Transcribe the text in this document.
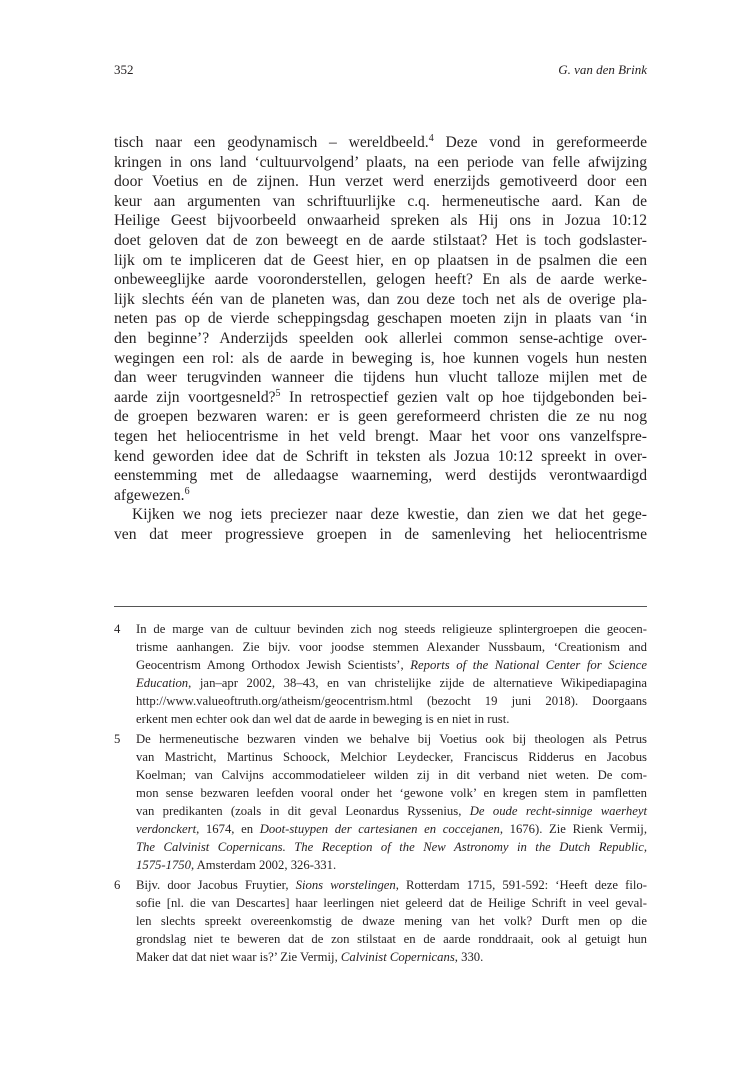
352	G. van den Brink

tisch naar een geodynamisch – wereldbeeld.$^4$ Deze vond in gereformeerde

kringen in ons land ‘cultuurvolgend’ plaats, na een periode van felle afwijzing

door Voetius en de zijnen. Hun verzet werd enerzijds gemotiveerd door een

keur aan argumenten van schriftuurlijke c.q. hermeneutische aard. Kan de

Heilige Geest bijvoorbeeld onwaarheid spreken als Hij ons in Jozua 10:12

doet geloven dat de zon beweegt en de aarde stilstaat? Het is toch godslaster-

lijk om te impliceren dat de Geest hier, en op plaatsen in de psalmen die een

onbeweeglijke aarde vooronderstellen, gelogen heeft? En als de aarde werke-

lijk slechts één van de planeten was, dan zou deze toch net als de overige pla-

neten pas op de vierde scheppingsdag geschapen moeten zijn in plaats van ‘in

den beginne’? Anderzijds speelden ook allerlei common sense-achtige over-

wegingen een rol: als de aarde in beweging is, hoe kunnen vogels hun nesten

dan weer terugvinden wanneer die tijdens hun vlucht talloze mijlen met de

aarde zijn voortgesneld?$^5$ In retrospectief gezien valt op hoe tijdgebonden bei-

de groepen bezwaren waren: er is geen gereformeerd christen die ze nu nog

tegen het heliocentrisme in het veld brengt. Maar het voor ons vanzelfspre-

kend geworden idee dat de Schrift in teksten als Jozua 10:12 spreekt in over-

eenstemming met de alledaagse waarneming, werd destijds verontwaardigd

afgewezen.$^6$

Kijken we nog iets preciezer naar deze kwestie, dan zien we dat het gege-

ven dat meer progressieve groepen in de samenleving het heliocentrisme

4	In de marge van de cultuur bevinden zich nog steeds religieuze splintergroepen die geocen-
trisme aanhangen. Zie bijv. voor joodse stemmen Alexander Nussbaum, ‘Creationism and
Geocentrism Among Orthodox Jewish Scientists’, Reports of the National Center for Science
Education, jan–apr 2002, 38–43, en van christelijke zijde de alternatieve Wikipediapagina
http://www.valueoftruth.org/atheism/geocentrism.html (bezocht 19 juni 2018). Doorgaans
erkent men echter ook dan wel dat de aarde in beweging is en niet in rust.
5	De hermeneutische bezwaren vinden we behalve bij Voetius ook bij theologen als Petrus
van Mastricht, Martinus Schoock, Melchior Leydecker, Franciscus Ridderus en Jacobus
Koelman; van Calvijns accommodatieleer wilden zij in dit verband niet weten. De com-
mon sense bezwaren leefden vooral onder het ‘gewone volk’ en kregen stem in pamfletten
van predikanten (zoals in dit geval Leonardus Ryssenius, De oude recht-sinnige waerheyt
verdonckert, 1674, en Doot-stuypen der cartesianen en coccejanen, 1676). Zie Rienk Vermij,
The Calvinist Copernicans. The Reception of the New Astronomy in the Dutch Republic,
1575-1750, Amsterdam 2002, 326-331.
6	Bijv. door Jacobus Fruytier, Sions worstelingen, Rotterdam 1715, 591-592: ‘Heeft deze filo-
sofie [nl. die van Descartes] haar leerlingen niet geleerd dat de Heilige Schrift in veel geval-
len slechts spreekt overeenkomstig de dwaze mening van het volk? Durft men op die
grondslag niet te beweren dat de zon stilstaat en de aarde ronddraait, ook al getuigt hun
Maker dat dat niet waar is?’ Zie Vermij, Calvinist Copernicans, 330.
